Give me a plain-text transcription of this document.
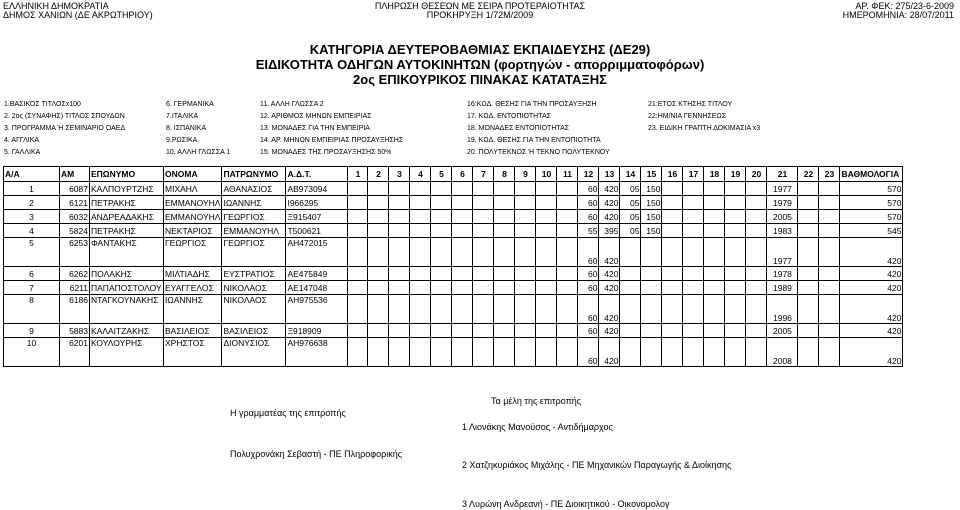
ΕΛΛΗΝΙΚΗ ΔΗΜΟΚΡΑΤΙΑ
ΔΗΜΟΣ ΧΑΝΙΩΝ (ΔΕ ΑΚΡΩΤΗΡΙΟΥ)
ΠΛΗΡΩΣΗ ΘΕΣΕΩΝ ΜΕ ΣΕΙΡΑ ΠΡΟΤΕΡΑΙΟΤΗΤΑΣ
ΠΡΟΚΗΡΥΞΗ 1/72Μ/2009
ΑΡ. ΦΕΚ: 275/23-6-2009
ΗΜΕΡΟΜΗΝΙΑ: 28/07/2011
ΚΑΤΗΓΟΡΙΑ ΔΕΥΤΕΡΟΒΑΘΜΙΑΣ ΕΚΠΑΙΔΕΥΣΗΣ (ΔΕ29)
ΕΙΔΙΚΟΤΗΤΑ ΟΔΗΓΩΝ ΑΥΤΟΚΙΝΗΤΩΝ (φορτηγών - απορριμματοφόρων)
2ος ΕΠΙΚΟΥΡΙΚΟΣ ΠΙΝΑΚΑΣ ΚΑΤΑΤΑΞΗΣ
1.ΒΑΣΙΚΟΣ ΤΙΤΛΟΣx100
2. 2ος (ΣΥΝΑΦΗΣ) ΤΙΤΛΟΣ ΣΠΟΥΔΩΝ
3. ΠΡΟΓΡΑΜΜΑ Ή ΣΕΜΙΝΑΡΙΟ ΟΑΕΔ
4. ΑΓΓΛΙΚΑ
5. ΓΑΛΛΙΚΑ
6. ΓΕΡΜΑΝΙΚΑ
7.ΙΤΑΛΙΚΑ
8. ΙΣΠΑΝΙΚΑ
9.ΡΩΣΙΚΑ
10. ΑΛΛΗ ΓΛΩΣΣΑ 1
11. ΑΛΛΗ ΓΛΩΣΣΑ 2
12. ΑΡΙΘΜΟΣ ΜΗΝΩΝ ΕΜΠΕΙΡΙΑΣ
13. ΜΟΝΑΔΕΣ ΓΙΑ ΤΗΝ ΕΜΠΕΙΡΙΑ
14. ΑΡ. ΜΗΝΩΝ ΕΜΠΕΙΡΙΑΣ ΠΡΟΣΑΥΞΗΣΗΣ
15. ΜΟΝΑΔΕΣ ΤΗΣ ΠΡΟΣΑΥΞΗΣΗΣ 50%
16:ΚΩΔ. ΘΕΣΗΣ ΓΙΑ ΤΗΝ ΠΡΟΣΑΥΞΗΣΗ
17. ΚΩΔ. ΕΝΤΟΠΙΟΤΗΤΑΣ
18. ΜΟΝΑΔΕΣ ΕΝΤΟΠΙΟΤΗΤΑΣ
19. ΚΩΔ. ΘΕΣΗΣ ΓΙΑ ΤΗΝ ΕΝΤΟΠΙΟΤΗΤΑ
20. ΠΟΛΥΤΕΚΝΟΣ Ή ΤΕΚΝΟ ΠΟΛΥΤΕΚΝΟΥ
21:ΕΤΟΣ ΚΤΗΣΗΣ ΤΙΤΛΟΥ
22:ΗΜ/ΝΙΑ ΓΕΝΝΗΣΕΩΣ
23. ΕΙΔΙΚΗ ΓΡΑΠΤΗ ΔΟΚΙΜΑΣΙΑ x3
Α/Α	ΑΜ	ΕΠΩΝΥΜΟ	ΟΝΟΜΑ	ΠΑΤΡΩΝΥΜΟ	Α.Δ.Τ.	1	2	3	4	5	6	7	8	9	10	11	12	13	14	15	16	17	18	19	20	21	22	23	ΒΑΘΜΟΛΟΓΙΑ
1	6087	ΚΑΛΠΟΥΡΤΖΗΣ	ΜΙΧΑΗΛ	ΑΘΑΝΑΣΙΟΣ	ΑΒ973094												60	420	05	150						1977			570
2	6121	ΠΕΤΡΑΚΗΣ	ΕΜΜΑΝΟΥΗΛ	ΙΩΑΝΝΗΣ	Ι966295												60	420	05	150						1979			570
3	6032	ΑΝΔΡΕΑΔΑΚΗΣ	ΕΜΜΑΝΟΥΗΛ	ΓΕΩΡΓΙΟΣ	Ξ915407												60	420	05	150						2005			570
4	5824	ΠΕΤΡΑΚΗΣ	ΝΕΚΤΑΡΙΟΣ	ΕΜΜΑΝΟΥΗΛ	Τ500621												55	395	05	150						1983			545
5	6253	ΦΑΝΤΑΚΗΣ	ΓΕΩΡΓΙΟΣ	ΓΕΩΡΓΙΟΣ	ΑΗ472015												60	420								1977			420
6	6262	ΠΟΛΑΚΗΣ	ΜΙΛΤΙΑΔΗΣ	ΕΥΣΤΡΑΤΙΟΣ	ΑΕ475849												60	420								1978			420
7	6211	ΠΑΠΑΠΟΣΤΟΛΟΥ	ΕΥΑΓΓΕΛΟΣ	ΝΙΚΟΛΑΟΣ	ΑΕ147048												60	420								1989			420
8	6186	ΝΤΑΓΚΟΥΝΑΚΗΣ	ΙΩΑΝΝΗΣ	ΝΙΚΟΛΑΟΣ	ΑΗ975536												60	420								1996			420
9	5883	ΚΑΛΑΙΤΖΑΚΗΣ	ΒΑΣΙΛΕΙΟΣ	ΒΑΣΙΛΕΙΟΣ	Ξ918909												60	420								2005			420
10	6201	ΚΟΥΛΟΥΡΗΣ	ΧΡΗΣΤΟΣ	ΔΙΟΝΥΣΙΟΣ	ΑΗ976638												60	420								2008			420
Η γραμματέας της επιτροπής
Πολυχρονάκη Σεβαστή - ΠΕ Πληροφορικής
Τα μέλη της επιτροπής
1 Λιονάκης Μανούσος - Αντιδήμαρχος
2 Χατζηκυριάκος Μιχάλης - ΠΕ Μηχανικών Παραγωγής & Διοίκησης
3 Λυρώνη Ανδρεανή - ΠΕ Διοικητικού - Οικονομολογ
